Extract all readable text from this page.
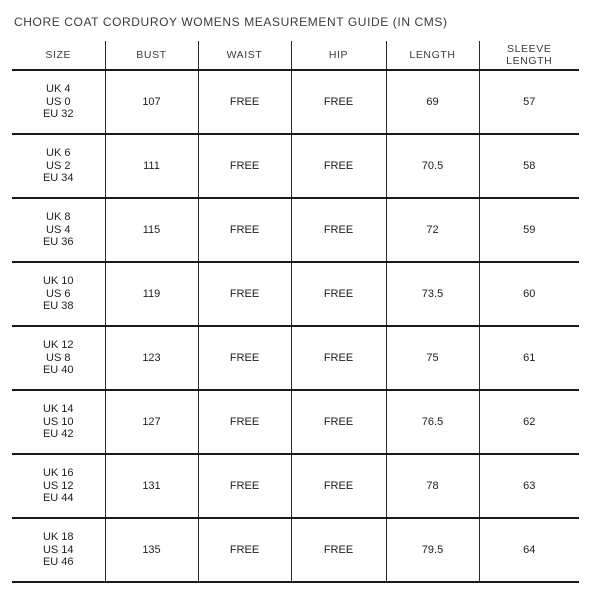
CHORE COAT CORDUROY WOMENS MEASUREMENT GUIDE (IN CMS)
SIZE	BUST	WAIST	HIP	LENGTH	SLEEVE
LENGTH

UK 4
US 0
EU 32	107	FREE	FREE	69	57

UK 6
US 2
EU 34	111	FREE	FREE	70.5	58

UK 8
US 4
EU 36	115	FREE	FREE	72	59

UK 10
US 6
EU 38	119	FREE	FREE	73.5	60

UK 12
US 8
EU 40	123	FREE	FREE	75	61

UK 14
US 10
EU 42	127	FREE	FREE	76.5	62

UK 16
US 12
EU 44	131	FREE	FREE	78	63

UK 18
US 14
EU 46	135	FREE	FREE	79.5	64
